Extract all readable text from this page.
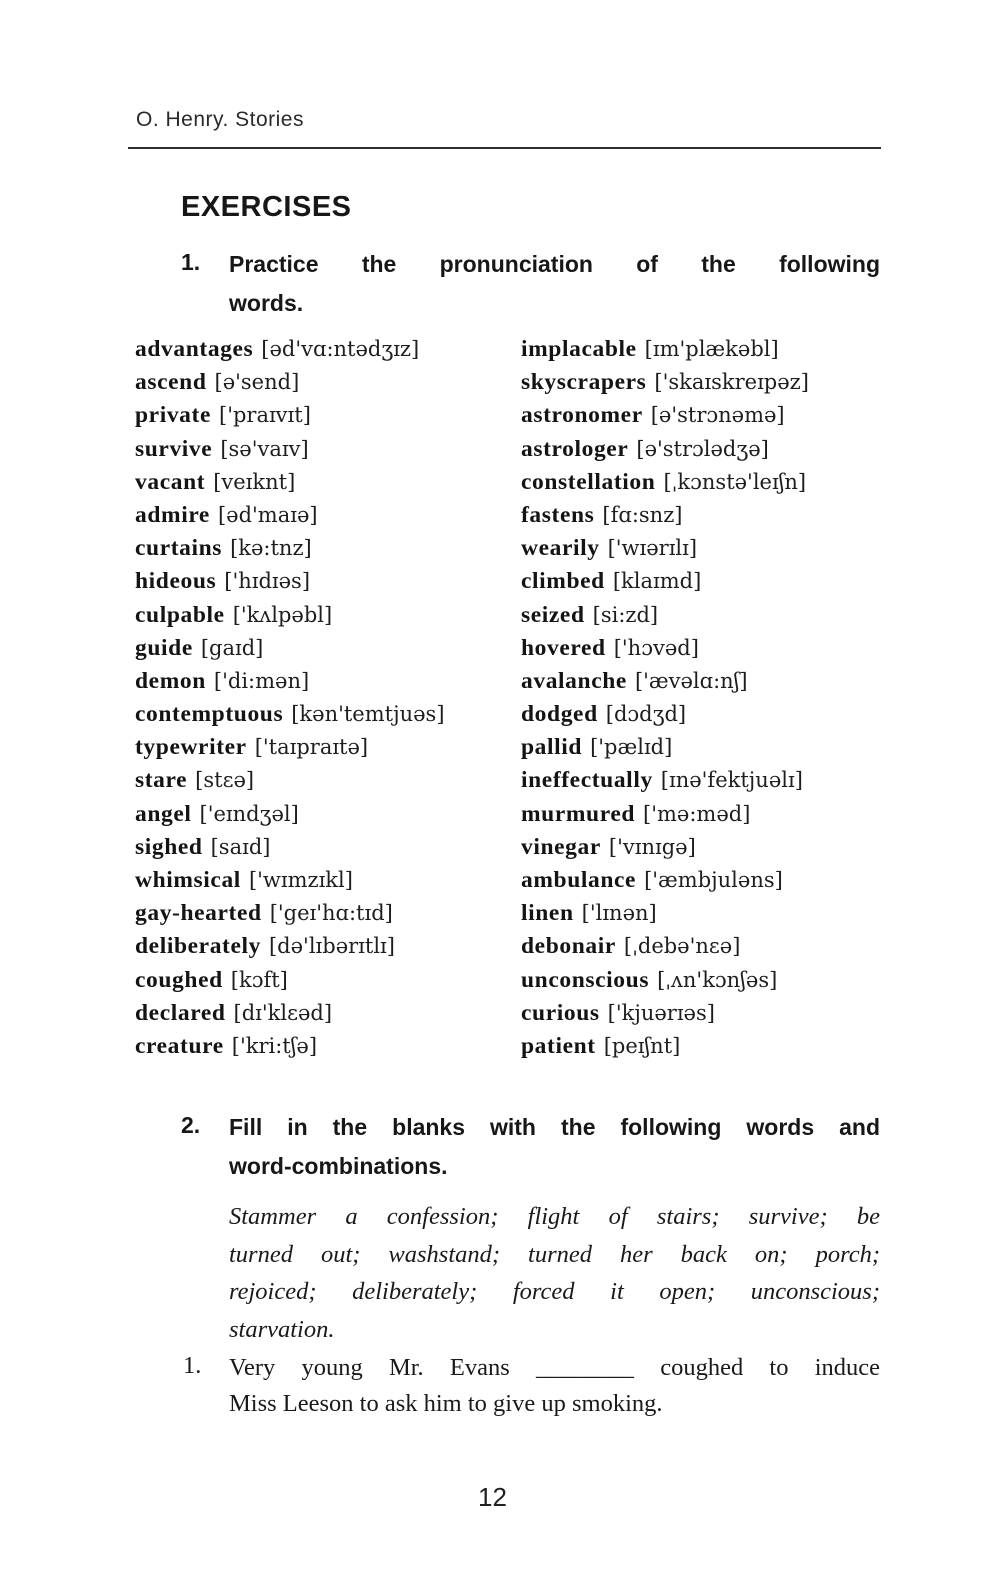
O. Henry. Stories
EXERCISES
1. Practice the pronunciation of the following
words.
advantages [əd'vɑ:ntədʒɪz]
ascend [ə'send]
private ['praɪvɪt]
survive [sə'vaɪv]
vacant [veɪknt]
admire [əd'maɪə]
curtains [kə:tnz]
hideous ['hɪdɪəs]
culpable ['kʌlpəbl]
guide [gaɪd]
demon ['di:mən]
contemptuous [kən'temtjuəs]
typewriter ['taɪpraɪtə]
stare [stɛə]
angel ['eɪndʒəl]
sighed [saɪd]
whimsical ['wɪmzɪkl]
gay-hearted ['geɪ'hɑ:tɪd]
deliberately [də'lɪbərɪtlɪ]
coughed [kɔft]
declared [dɪ'klɛəd]
creature ['kri:tʃə]
implacable [ɪm'plækəbl]
skyscrapers ['skaɪskreɪpəz]
astronomer [ə'strɔnəmə]
astrologer [ə'strɔlədʒə]
constellation [ˌkɔnstə'leɪʃn]
fastens [fɑ:snz]
wearily ['wɪərɪlɪ]
climbed [klaɪmd]
seized [si:zd]
hovered ['hɔvəd]
avalanche ['ævəlɑ:nʃ]
dodged [dɔdʒd]
pallid ['pælɪd]
ineffectually [ɪnə'fektjuəlɪ]
murmured ['mə:məd]
vinegar ['vɪnɪgə]
ambulance ['æmbjuləns]
linen ['lɪnən]
debonair [ˌdebə'nɛə]
unconscious [ˌʌn'kɔnʃəs]
curious ['kjuərɪəs]
patient [peɪʃnt]
2. Fill in the blanks with the following words and
word-combinations.
Stammer a confession; flight of stairs; survive; be
turned out; washstand; turned her back on; porch;
rejoiced; deliberately; forced it open; unconscious;
starvation.
1. Very young Mr. Evans ________ coughed to induce
Miss Leeson to ask him to give up smoking.
12
